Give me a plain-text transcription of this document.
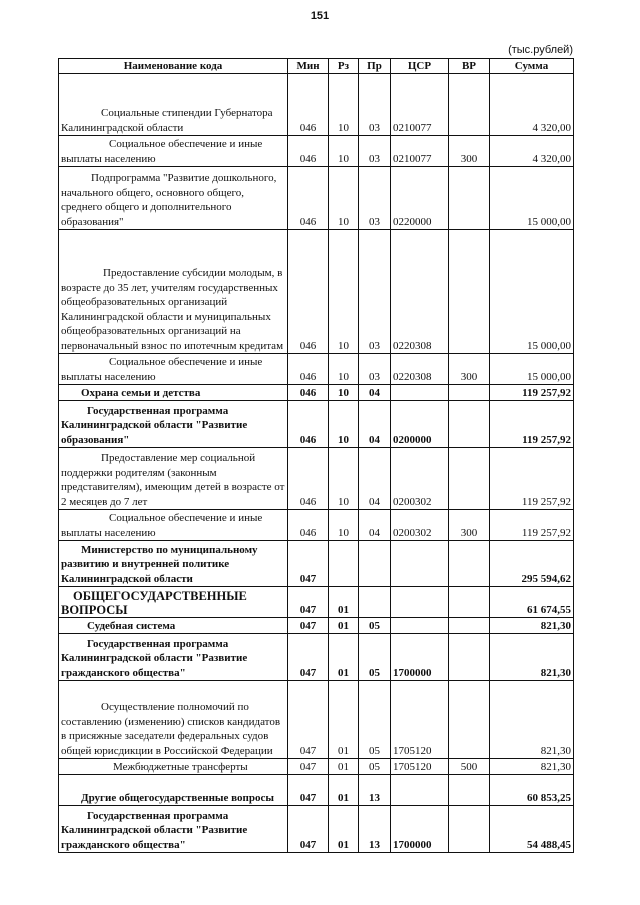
151
(тыс.рублей)
Наименование кода	Мин	Рз	Пр	ЦСР	ВР	Сумма
Социальные стипендии Губернатора Калининградской области	046	10	03	0210077		4 320,00
Социальное обеспечение и иные выплаты населению	046	10	03	0210077	300	4 320,00
Подпрограмма "Развитие дошкольного, начального общего, основного общего, среднего общего и дополнительного образования"	046	10	03	0220000		15 000,00
Предоставление субсидии молодым, в возрасте до 35 лет, учителям государственных общеобразовательных организаций Калининградской области и муниципальных общеобразовательных организаций на первоначальный взнос по ипотечным кредитам	046	10	03	0220308		15 000,00
Социальное обеспечение и иные выплаты населению	046	10	03	0220308	300	15 000,00
Охрана семьи и детства	046	10	04			119 257,92
Государственная программа Калининградской области "Развитие образования"	046	10	04	0200000		119 257,92
Предоставление мер социальной поддержки родителям (законным представителям), имеющим детей в возрасте от 2 месяцев до 7 лет	046	10	04	0200302		119 257,92
Социальное обеспечение и иные выплаты населению	046	10	04	0200302	300	119 257,92
Министерство по муниципальному развитию и внутренней политике Калининградской области	047					295 594,62
ОБЩЕГОСУДАРСТВЕННЫЕ ВОПРОСЫ	047	01				61 674,55
Судебная система	047	01	05			821,30
Государственная программа Калининградской области "Развитие гражданского общества"	047	01	05	1700000		821,30
Осуществление полномочий по составлению (изменению) списков кандидатов в присяжные заседатели федеральных судов общей юрисдикции в Российской Федерации	047	01	05	1705120		821,30
Межбюджетные трансферты	047	01	05	1705120	500	821,30
Другие общегосударственные вопросы	047	01	13			60 853,25
Государственная программа Калининградской области "Развитие гражданского общества"	047	01	13	1700000		54 488,45
